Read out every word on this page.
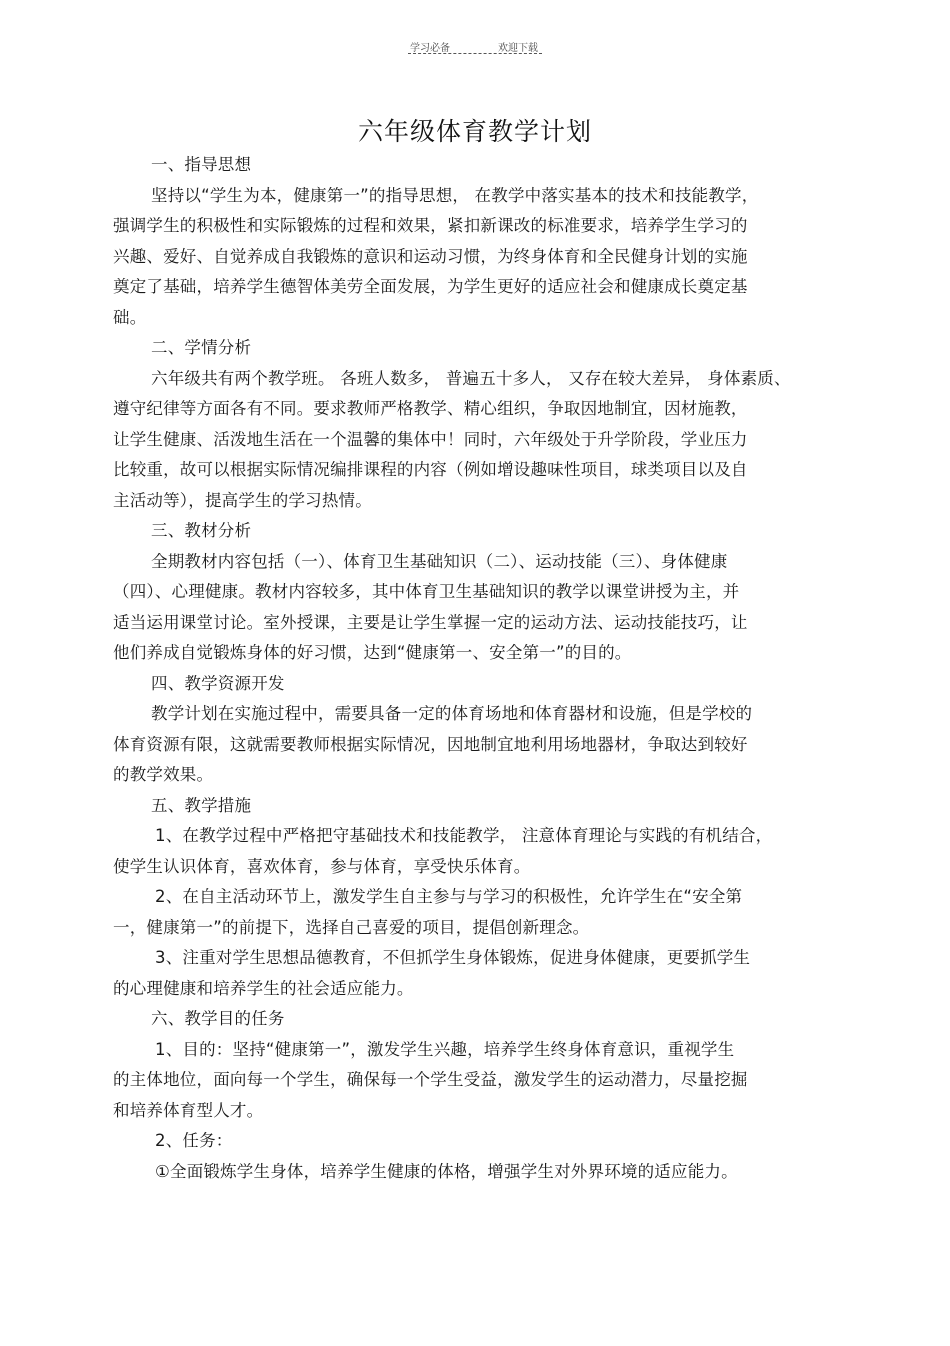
学习必备	欢迎下载
六年级体育教学计划
一、指导思想
坚持以“学生为本，健康第一”的指导思想， 在教学中落实基本的技术和技能教学，
强调学生的积极性和实际锻炼的过程和效果，紧扣新课改的标准要求，培养学生学习的
兴趣、爱好、自觉养成自我锻炼的意识和运动习惯，为终身体育和全民健身计划的实施
奠定了基础，培养学生德智体美劳全面发展，为学生更好的适应社会和健康成长奠定基
础。
二、学情分析
六年级共有两个教学班。 各班人数多， 普遍五十多人， 又存在较大差异， 身体素质、
遵守纪律等方面各有不同。要求教师严格教学、精心组织，争取因地制宜，因材施教，
让学生健康、活泼地生活在一个温馨的集体中！同时，六年级处于升学阶段，学业压力
比较重，故可以根据实际情况编排课程的内容（例如增设趣味性项目，球类项目以及自
主活动等），提高学生的学习热情。
三、教材分析
全期教材内容包括（一）、体育卫生基础知识（二）、运动技能（三）、身体健康
（四）、心理健康。教材内容较多，其中体育卫生基础知识的教学以课堂讲授为主，并
适当运用课堂讨论。室外授课，主要是让学生掌握一定的运动方法、运动技能技巧，让
他们养成自觉锻炼身体的好习惯，达到“健康第一、安全第一”的目的。
四、教学资源开发
教学计划在实施过程中，需要具备一定的体育场地和体育器材和设施，但是学校的
体育资源有限，这就需要教师根据实际情况，因地制宜地利用场地器材，争取达到较好
的教学效果。
五、教学措施
1、在教学过程中严格把守基础技术和技能教学， 注意体育理论与实践的有机结合，
使学生认识体育，喜欢体育，参与体育，享受快乐体育。
2、在自主活动环节上，激发学生自主参与与学习的积极性，允许学生在“安全第
一，健康第一”的前提下，选择自己喜爱的项目，提倡创新理念。
3、注重对学生思想品德教育，不但抓学生身体锻炼，促进身体健康，更要抓学生
的心理健康和培养学生的社会适应能力。
六、教学目的任务
1、目的：坚持“健康第一”，激发学生兴趣，培养学生终身体育意识，重视学生
的主体地位，面向每一个学生，确保每一个学生受益，激发学生的运动潜力，尽量挖掘
和培养体育型人才。
2、任务：
①全面锻炼学生身体，培养学生健康的体格，增强学生对外界环境的适应能力。
